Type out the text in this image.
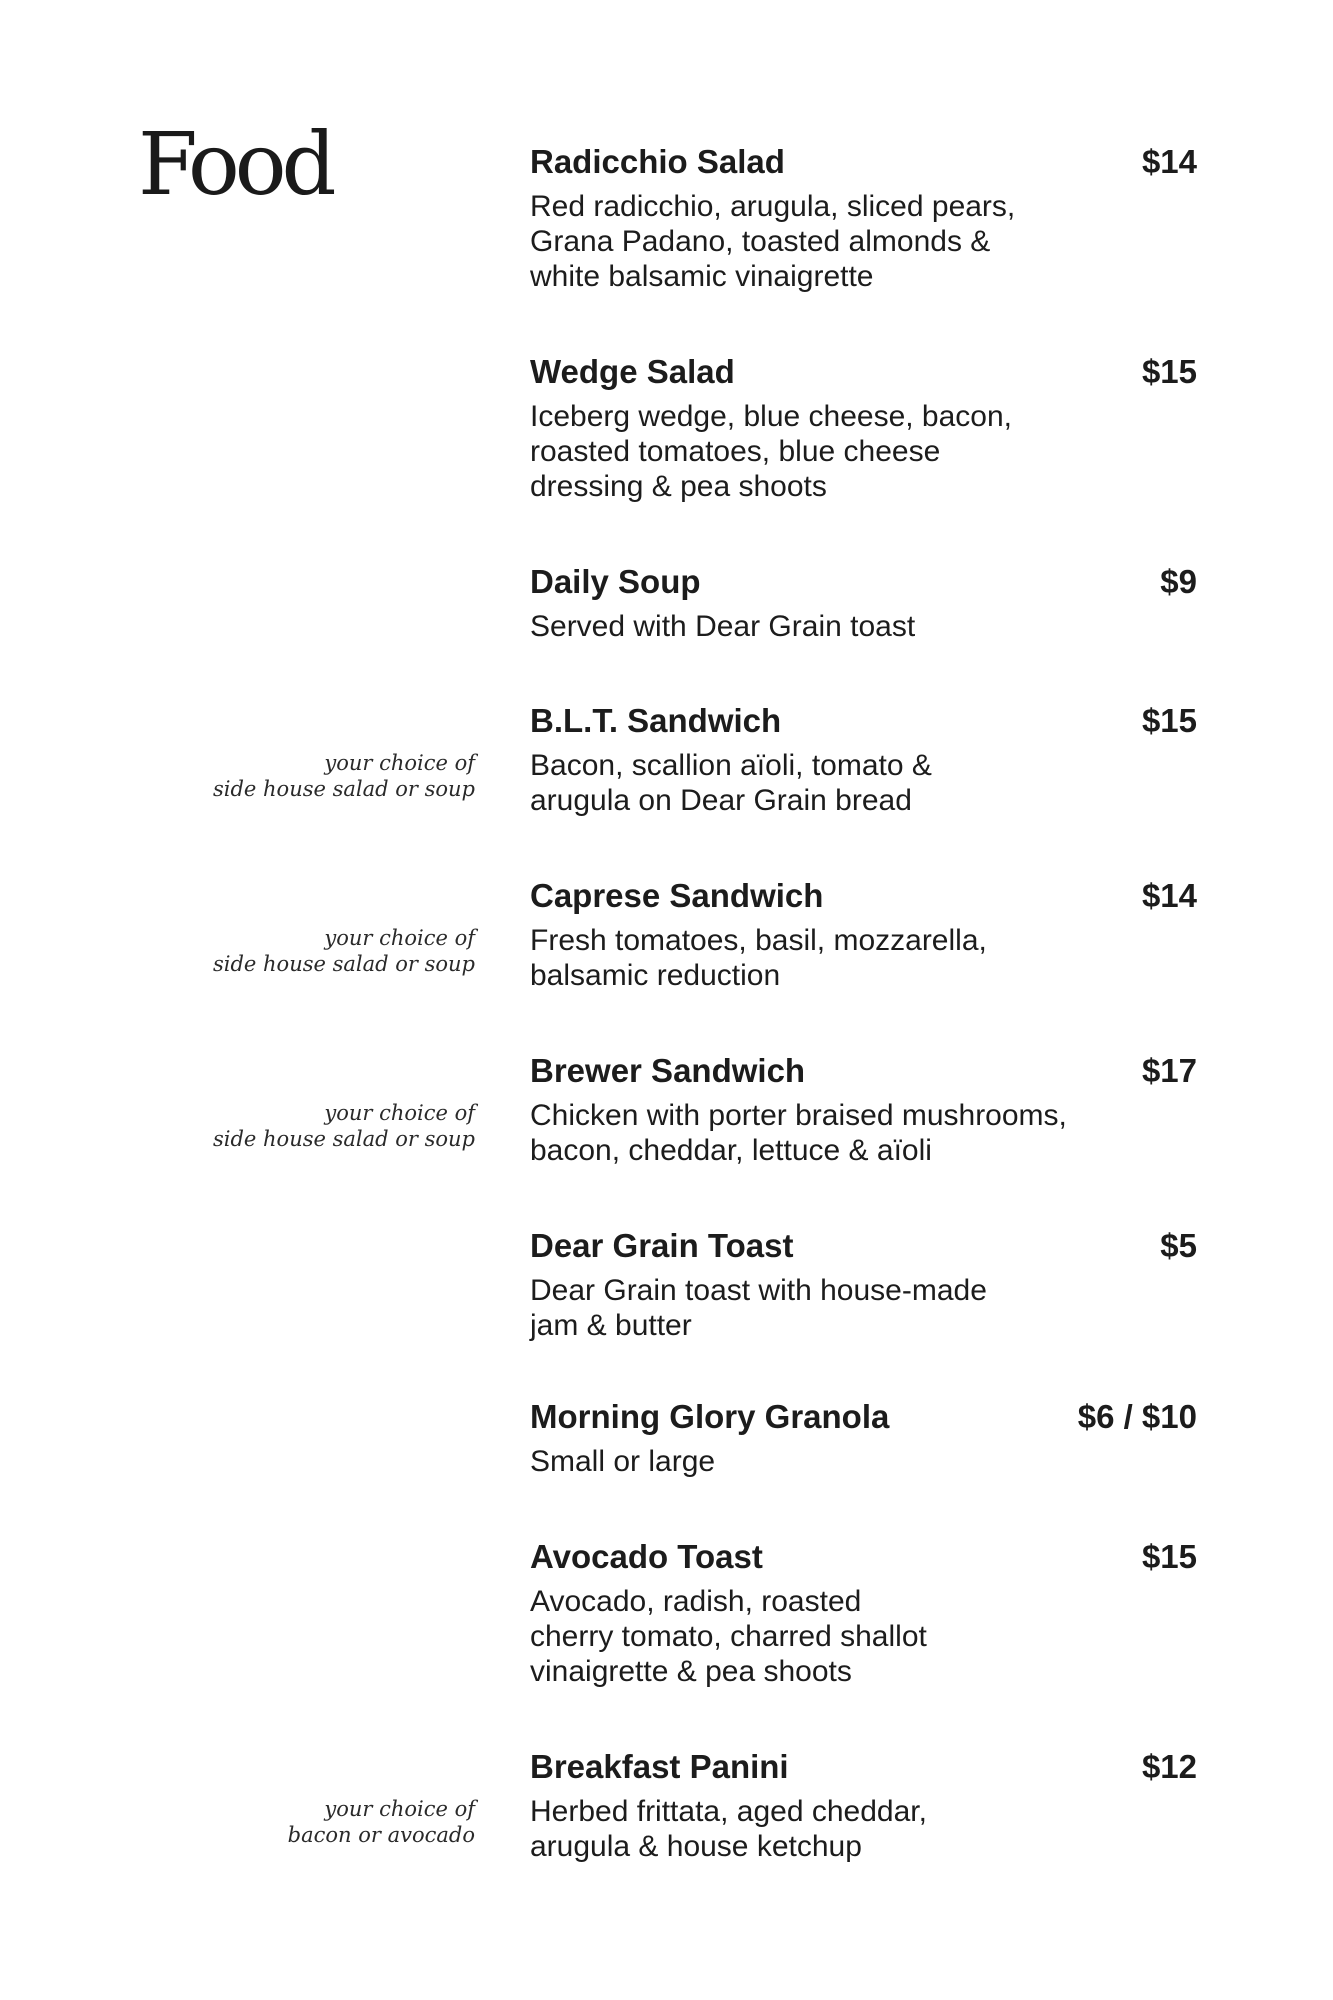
Food	Radicchio Salad	$14

Red radicchio, arugula, sliced pears,
Grana Padano, toasted almonds &
white balsamic vinaigrette

Wedge Salad	$15

Iceberg wedge, blue cheese, bacon,
roasted tomatoes, blue cheese
dressing & pea shoots

Daily Soup	$9

Served with Dear Grain toast

B.L.T. Sandwich	$15

Bacon, scallion aïoli, tomato &
arugula on Dear Grain bread

your choice of
side house salad or soup
Caprese Sandwich	$14

Fresh tomatoes, basil, mozzarella,
balsamic reduction

your choice of
side house salad or soup
Brewer Sandwich	$17

Chicken with porter braised mushrooms,
bacon, cheddar, lettuce & aïoli

your choice of
side house salad or soup
Dear Grain Toast	$5

Dear Grain toast with house-made
jam & butter

Morning Glory Granola	$6 / $10

Small or large

Avocado Toast	$15

Avocado, radish, roasted
cherry tomato, charred shallot
vinaigrette & pea shoots

Breakfast Panini	$12

Herbed frittata, aged cheddar,
arugula & house ketchup

your choice of
bacon or avocado
